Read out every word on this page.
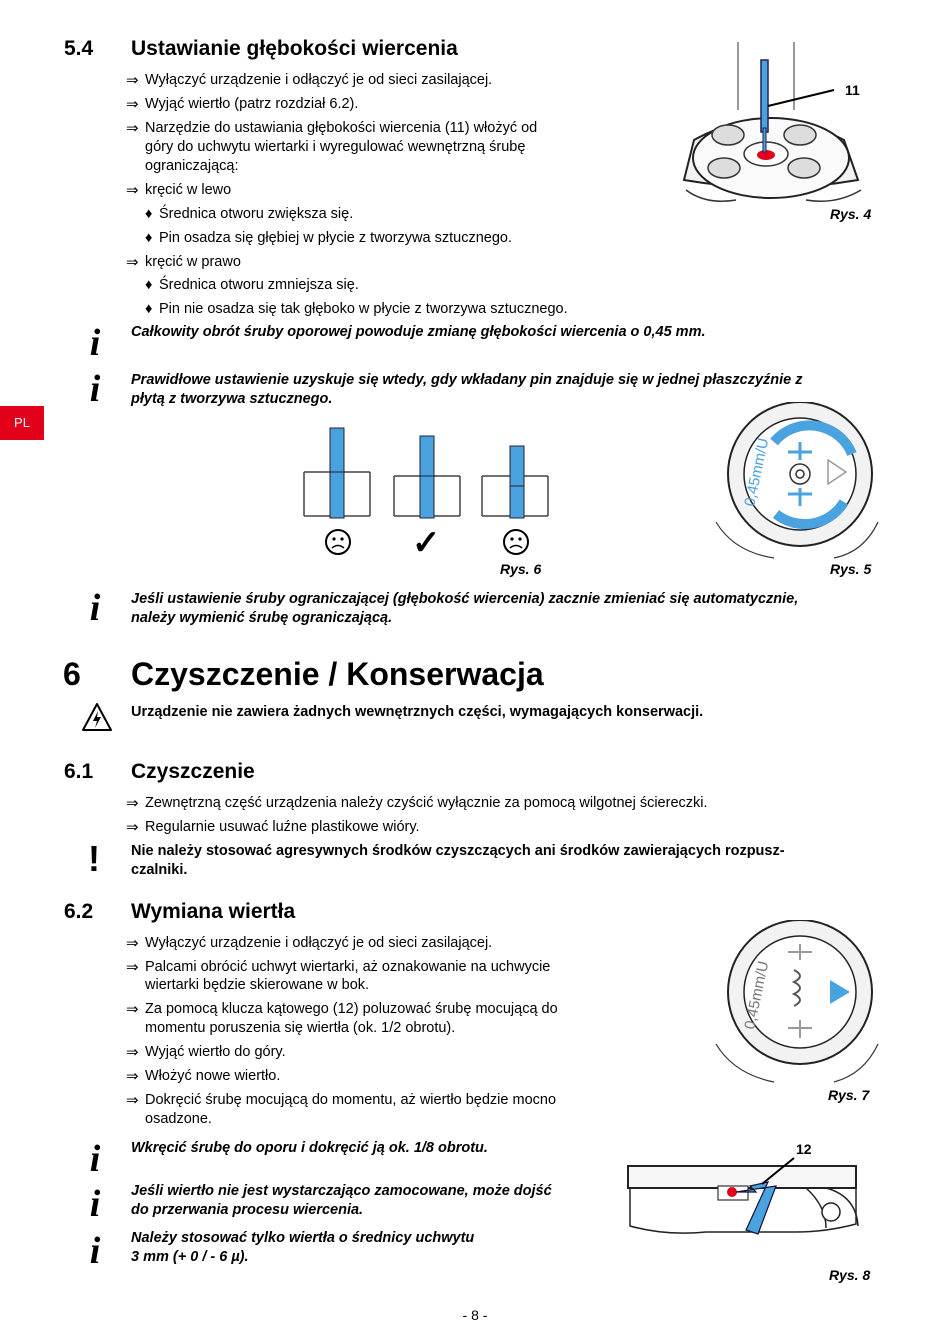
PL
5.4 Ustawianie głębokości wiercenia
⇒ Wyłączyć urządzenie i odłączyć je od sieci zasilającej.
⇒ Wyjąć wiertło (patrz rozdział 6.2).
⇒ Narzędzie do ustawiania głębokości wiercenia (11) włożyć od
góry do uchwytu wiertarki i wyregulować wewnętrzną śrubę
ograniczającą:
⇒ kręcić w lewo
♦ Średnica otworu zwiększa się.
♦ Pin osadza się głębiej w płycie z tworzywa sztucznego.
⇒ kręcić w prawo
♦ Średnica otworu zmniejsza się.
♦ Pin nie osadza się tak głęboko w płycie z tworzywa sztucznego.
i	Całkowity obrót śruby oporowej powoduje zmianę głębokości wiercenia o 0,45 mm.
i	Prawidłowe ustawienie uzyskuje się wtedy, gdy wkładany pin znajduje się w jednej płaszczyźnie z
płytą z tworzywa sztucznego.
11
Rys. 4
✓
Rys. 6
0,45mm/U
Rys. 5
i	Jeśli ustawienie śruby ograniczającej (głębokość wiercenia) zacznie zmieniać się automatycznie,
należy wymienić śrubę ograniczającą.
6 Czyszczenie / Konserwacja
Urządzenie nie zawiera żadnych wewnętrznych części, wymagających konserwacji.
6.1 Czyszczenie
⇒ Zewnętrzną część urządzenia należy czyścić wyłącznie za pomocą wilgotnej ściereczki.
⇒ Regularnie usuwać luźne plastikowe wióry.
! Nie należy stosować agresywnych środków czyszczących ani środków zawierających rozpusz-
czalniki.
6.2 Wymiana wiertła
⇒ Wyłączyć urządzenie i odłączyć je od sieci zasilającej.
⇒ Palcami obrócić uchwyt wiertarki, aż oznakowanie na uchwycie
wiertarki będzie skierowane w bok.
⇒ Za pomocą klucza kątowego (12) poluzować śrubę mocującą do
momentu poruszenia się wiertła (ok. 1/2 obrotu).
⇒ Wyjąć wiertło do góry.
⇒ Włożyć nowe wiertło.
⇒ Dokręcić śrubę mocującą do momentu, aż wiertło będzie mocno
osadzone.
0,45mm/U
Rys. 7
i	Wkręcić śrubę do oporu i dokręcić ją ok. 1/8 obrotu.
i	Jeśli wiertło nie jest wystarczająco zamocowane, może dojść
do przerwania procesu wiercenia.
i	Należy stosować tylko wiertła o średnicy uchwytu
3 mm (+ 0 / - 6 µ).
12
Rys. 8
- 8 -
